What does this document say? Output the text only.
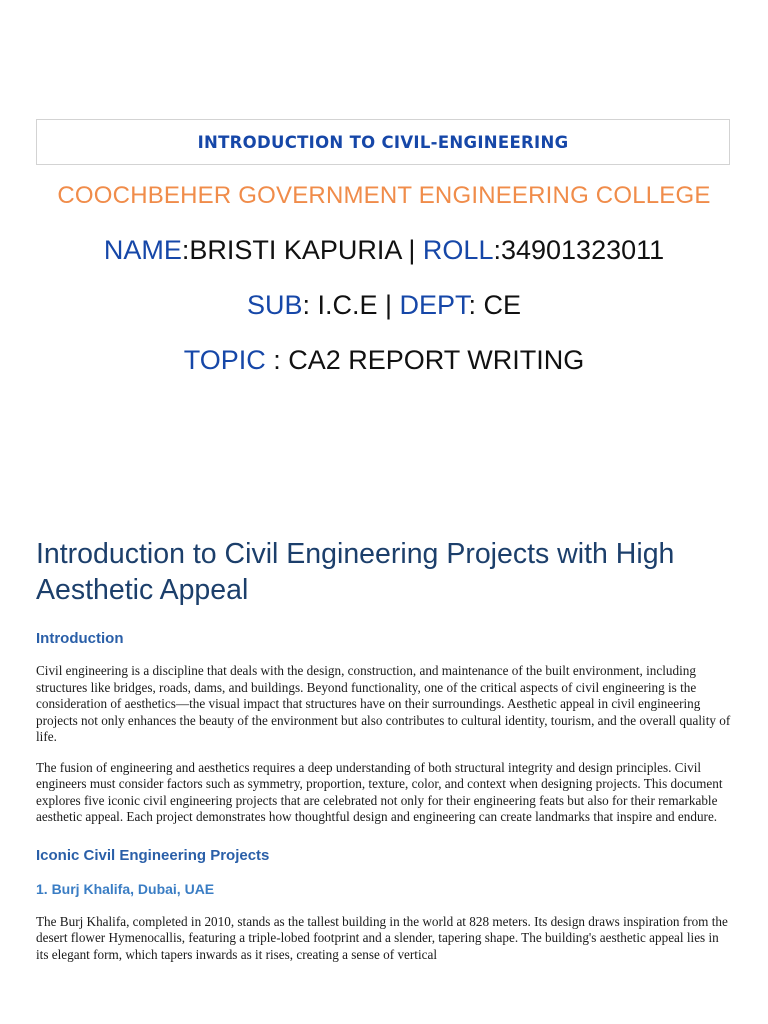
INTRODUCTION TO CIVIL-ENGINEERING
COOCHBEHER GOVERNMENT ENGINEERING COLLEGE
NAME:BRISTI KAPURIA | ROLL:34901323011
SUB: I.C.E | DEPT: CE
TOPIC : CA2 REPORT WRITING
Introduction to Civil Engineering Projects with High Aesthetic Appeal
Introduction

Civil engineering is a discipline that deals with the design, construction, and maintenance of the built environment, including structures like bridges, roads, dams, and buildings. Beyond functionality, one of the critical aspects of civil engineering is the consideration of aesthetics—the visual impact that structures have on their surroundings. Aesthetic appeal in civil engineering projects not only enhances the beauty of the environment but also contributes to cultural identity, tourism, and the overall quality of life.

The fusion of engineering and aesthetics requires a deep understanding of both structural integrity and design principles. Civil engineers must consider factors such as symmetry, proportion, texture, color, and context when designing projects. This document explores five iconic civil engineering projects that are celebrated not only for their engineering feats but also for their remarkable aesthetic appeal. Each project demonstrates how thoughtful design and engineering can create landmarks that inspire and endure.

Iconic Civil Engineering Projects
1. Burj Khalifa, Dubai, UAE

The Burj Khalifa, completed in 2010, stands as the tallest building in the world at 828 meters. Its design draws inspiration from the desert flower Hymenocallis, featuring a triple-lobed footprint and a slender, tapering shape. The building's aesthetic appeal lies in its elegant form, which tapers inwards as it rises, creating a sense of vertical
